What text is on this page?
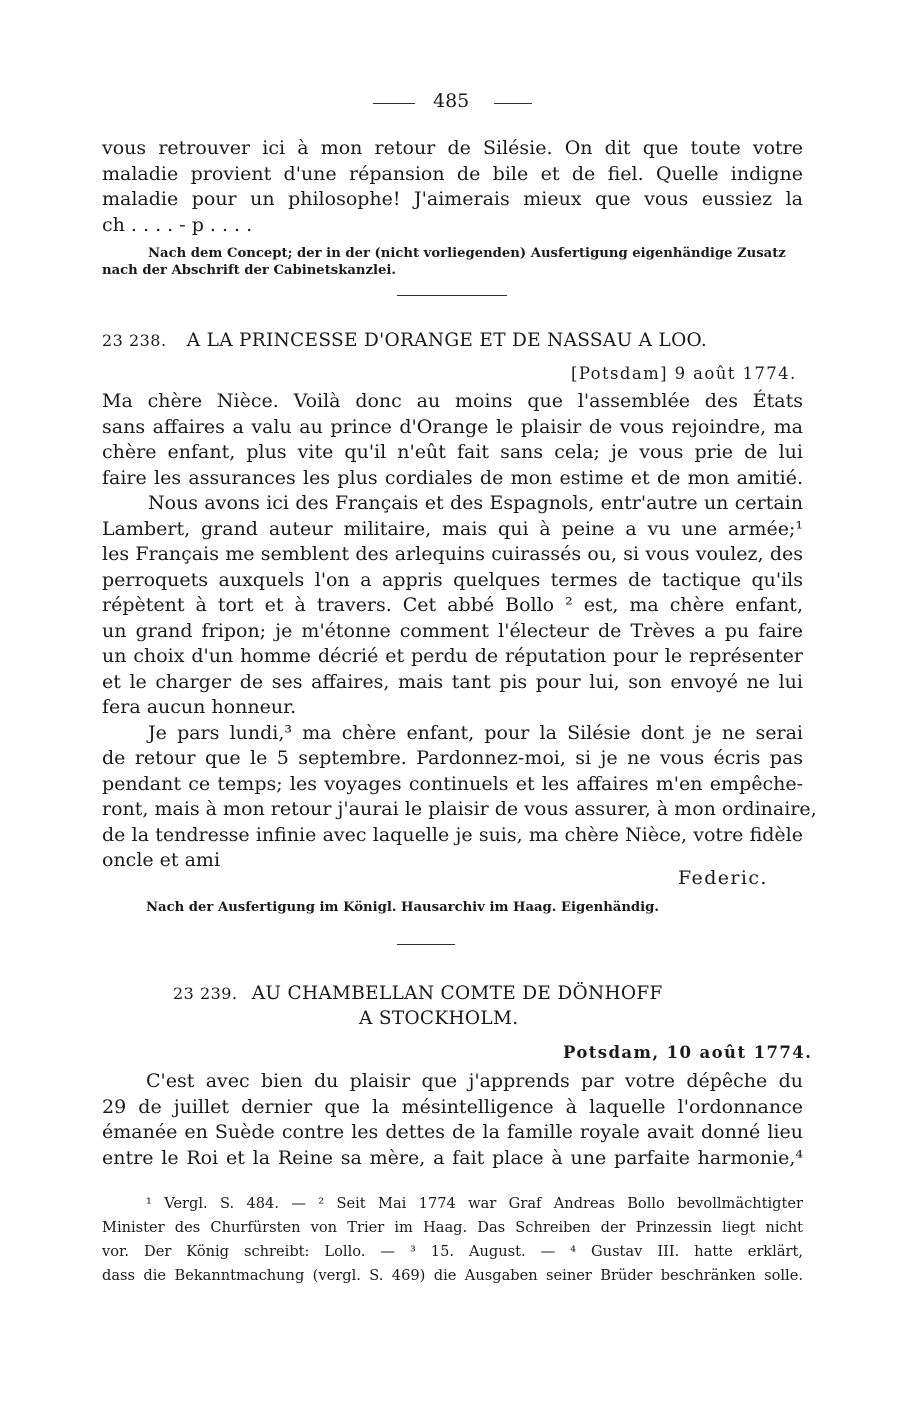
485
vous retrouver ici à mon retour de Silésie. On dit que toute votre
maladie provient d'une répansion de bile et de fiel. Quelle indigne
maladie pour un philosophe! J'aimerais mieux que vous eussiez la
ch . . . . - p . . . .
Nach dem Concept; der in der (nicht vorliegenden) Ausfertigung eigenhändige Zusatz
nach der Abschrift der Cabinetskanzlei.
23 238. A LA PRINCESSE D'ORANGE ET DE NASSAU A LOO.
[Potsdam] 9 août 1774.
Ma chère Nièce. Voilà donc au moins que l'assemblée des États
sans affaires a valu au prince d'Orange le plaisir de vous rejoindre, ma
chère enfant, plus vite qu'il n'eût fait sans cela; je vous prie de lui
faire les assurances les plus cordiales de mon estime et de mon amitié.
Nous avons ici des Français et des Espagnols, entr'autre un certain
Lambert, grand auteur militaire, mais qui à peine a vu une armée;¹
les Français me semblent des arlequins cuirassés ou, si vous voulez, des
perroquets auxquels l'on a appris quelques termes de tactique qu'ils
répètent à tort et à travers. Cet abbé Bollo ² est, ma chère enfant,
un grand fripon; je m'étonne comment l'électeur de Trèves a pu faire
un choix d'un homme décrié et perdu de réputation pour le représenter
et le charger de ses affaires, mais tant pis pour lui, son envoyé ne lui
fera aucun honneur.
Je pars lundi,³ ma chère enfant, pour la Silésie dont je ne serai
de retour que le 5 septembre. Pardonnez-moi, si je ne vous écris pas
pendant ce temps; les voyages continuels et les affaires m'en empêche-
ront, mais à mon retour j'aurai le plaisir de vous assurer, à mon ordinaire,
de la tendresse infinie avec laquelle je suis, ma chère Nièce, votre fidèle
oncle et ami
Federic.
Nach der Ausfertigung im Königl. Hausarchiv im Haag. Eigenhändig.
23 239. AU CHAMBELLAN COMTE DE DÖNHOFF
A STOCKHOLM.
Potsdam, 10 août 1774.
C'est avec bien du plaisir que j'apprends par votre dépêche du
29 de juillet dernier que la mésintelligence à laquelle l'ordonnance
émanée en Suède contre les dettes de la famille royale avait donné lieu
entre le Roi et la Reine sa mère, a fait place à une parfaite harmonie,⁴
¹ Vergl. S. 484. — ² Seit Mai 1774 war Graf Andreas Bollo bevollmächtigter
Minister des Churfürsten von Trier im Haag. Das Schreiben der Prinzessin liegt nicht
vor. Der König schreibt: Lollo. — ³ 15. August. — ⁴ Gustav III. hatte erklärt,
dass die Bekanntmachung (vergl. S. 469) die Ausgaben seiner Brüder beschränken solle.
